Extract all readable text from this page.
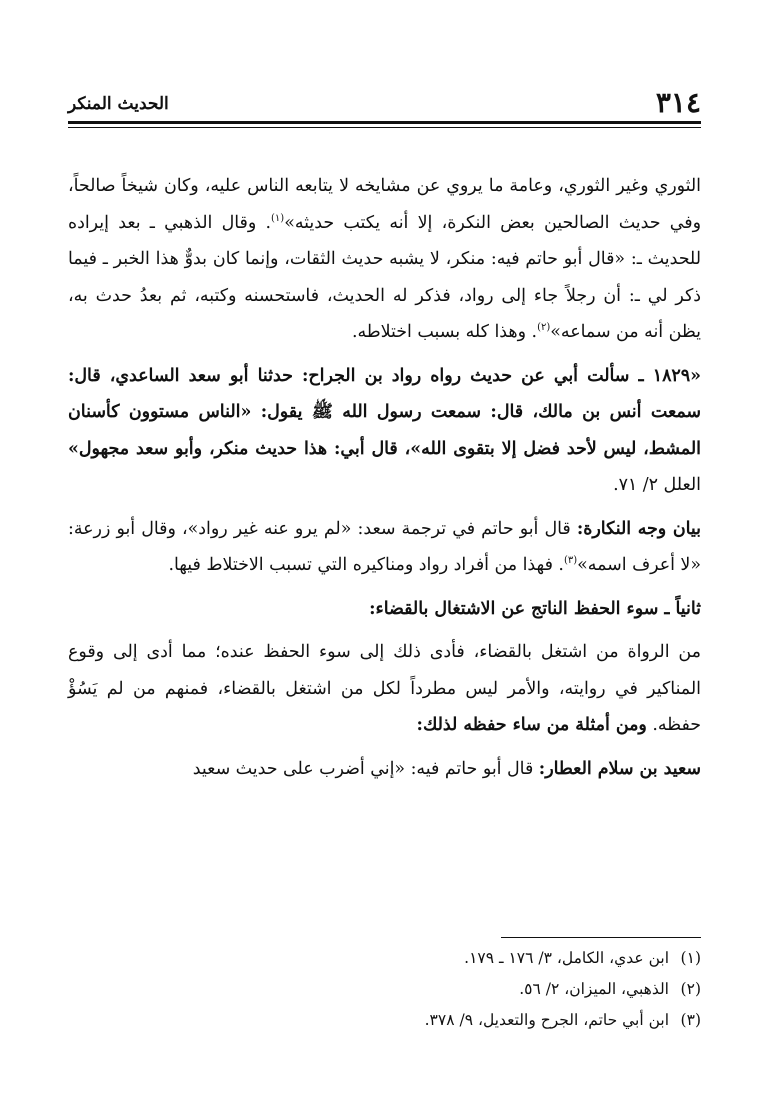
٣١٤
الحديث المنكر

الثوري وغير الثوري، وعامة ما يروي عن مشايخه لا يتابعه الناس عليه، وكان شيخاً صالحاً، وفي حديث الصالحين بعض النكرة، إلا أنه يكتب حديثه»$^{(١)}$. وقال الذهبي ـ بعد إيراده للحديث ـ: «قال أبو حاتم فيه: منكر، لا يشبه حديث الثقات، وإنما كان بدوٌّ هذا الخبر ـ فيما ذكر لي ـ: أن رجلاً جاء إلى رواد، فذكر له الحديث، فاستحسنه وكتبه، ثم بعدُ حدث به، يظن أنه من سماعه»$^{(٢)}$. وهذا كله بسبب اختلاطه.

«١٨٢٩ ـ سألت أبي عن حديث رواه رواد بن الجراح: حدثنا أبو سعد الساعدي، قال: سمعت أنس بن مالك، قال: سمعت رسول الله ﷺ يقول: «الناس مستوون كأسنان المشط، ليس لأحد فضل إلا بتقوى الله»، قال أبي: هذا حديث منكر، وأبو سعد مجهول» العلل ٢/ ٧١.

بيان وجه النكارة: قال أبو حاتم في ترجمة سعد: «لم يرو عنه غير رواد»، وقال أبو زرعة: «لا أعرف اسمه»$^{(٣)}$. فهذا من أفراد رواد ومناكيره التي تسبب الاختلاط فيها.

ثانياً ـ سوء الحفظ الناتج عن الاشتغال بالقضاء:

من الرواة من اشتغل بالقضاء، فأدى ذلك إلى سوء الحفظ عنده؛ مما أدى إلى وقوع المناكير في روايته، والأمر ليس مطرداً لكل من اشتغل بالقضاء، فمنهم من لم يَسُؤْ حفظه. ومن أمثلة من ساء حفظه لذلك:

سعيد بن سلام العطار: قال أبو حاتم فيه: «إني أضرب على حديث سعيد

(١)ابن عدي، الكامل، ٣/ ١٧٦ ـ ١٧٩.

(٢)الذهبي، الميزان، ٢/ ٥٦.

(٣)ابن أبي حاتم، الجرح والتعديل، ٩/ ٣٧٨.
